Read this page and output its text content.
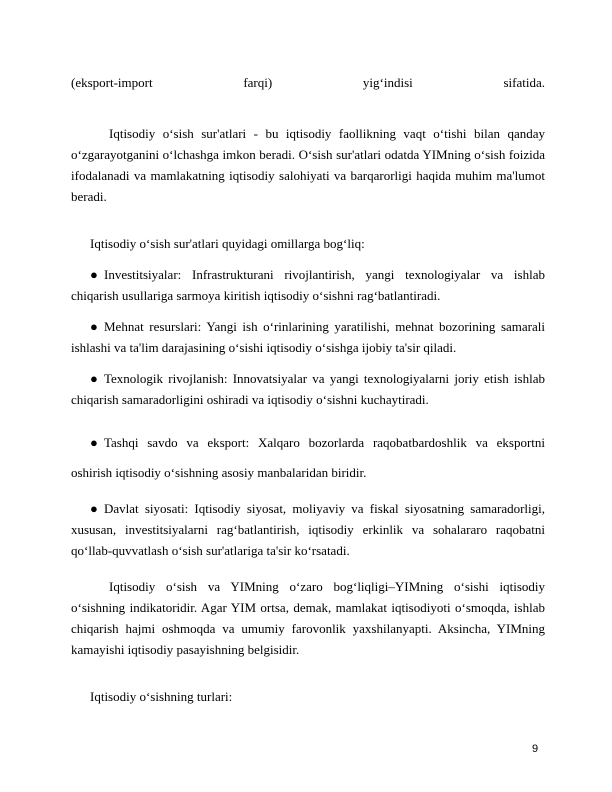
(eksport-import	farqi)	yig‘indisi	sifatida.

Iqtisodiy o‘sish sur'atlari - bu iqtisodiy faollikning vaqt o‘tishi bilan qanday o‘zgarayotganini o‘lchashga imkon beradi. O‘sish sur'atlari odatda YIMning o‘sish foizida ifodalanadi va mamlakatning iqtisodiy salohiyati va barqarorligi haqida muhim ma'lumot beradi.

Iqtisodiy o‘sish sur'atlari quyidagi omillarga bog‘liq:

● Investitsiyalar: Infrastrukturani rivojlantirish, yangi texnologiyalar va ishlab chiqarish usullariga sarmoya kiritish iqtisodiy o‘sishni rag‘batlantiradi.

● Mehnat resurslari: Yangi ish o‘rinlarining yaratilishi, mehnat bozorining samarali ishlashi va ta'lim darajasining o‘sishi iqtisodiy o‘sishga ijobiy ta'sir qiladi.

● Texnologik rivojlanish: Innovatsiyalar va yangi texnologiyalarni joriy etish ishlab chiqarish samaradorligini oshiradi va iqtisodiy o‘sishni kuchaytiradi.

● Tashqi savdo va eksport: Xalqaro bozorlarda raqobatbardoshlik va eksportni oshirish iqtisodiy o‘sishning asosiy manbalaridan biridir.

● Davlat siyosati: Iqtisodiy siyosat, moliyaviy va fiskal siyosatning samaradorligi, xususan, investitsiyalarni rag‘batlantirish, iqtisodiy erkinlik va sohalararo raqobatni qo‘llab-quvvatlash o‘sish sur'atlariga ta'sir ko‘rsatadi.

Iqtisodiy o‘sish va YIMning o‘zaro bog‘liqligi–YIMning o‘sishi iqtisodiy o‘sishning indikatoridir. Agar YIM ortsa, demak, mamlakat iqtisodiyoti o‘smoqda, ishlab chiqarish hajmi oshmoqda va umumiy farovonlik yaxshilanyapti. Aksincha, YIMning kamayishi iqtisodiy pasayishning belgisidir.

Iqtisodiy o‘sishning turlari:

9
